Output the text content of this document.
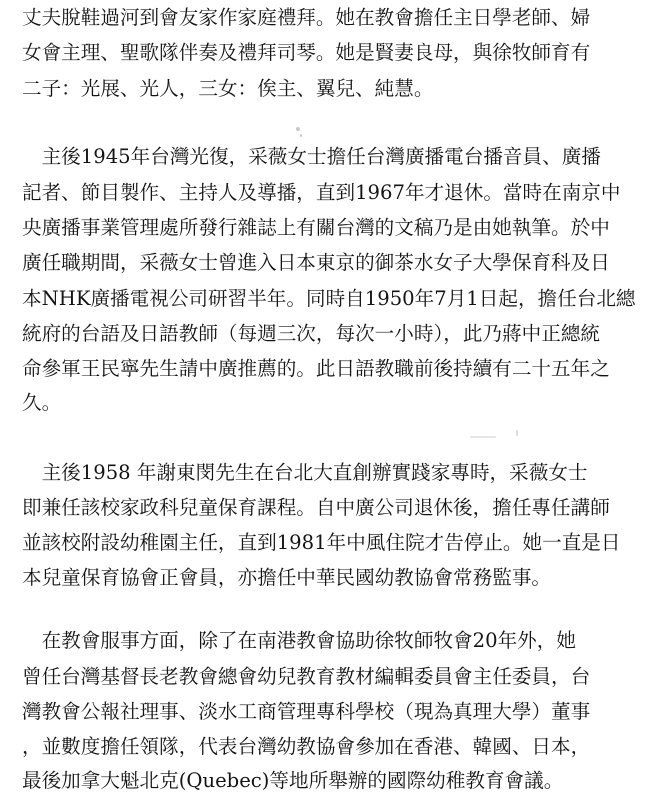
丈夫脫鞋過河到會友家作家庭禮拜。她在教會擔任主日學老師、婦
女會主理、聖歌隊伴奏及禮拜司琴。她是賢妻良母，與徐牧師育有
二子：光展、光人，三女：俟主、翼兒、純慧。
　主後1945年台灣光復，采薇女士擔任台灣廣播電台播音員、廣播
記者、節目製作、主持人及導播，直到1967年才退休。當時在南京中
央廣播事業管理處所發行雜誌上有關台灣的文稿乃是由她執筆。於中
廣任職期間，采薇女士曾進入日本東京的御茶水女子大學保育科及日
本NHK廣播電視公司研習半年。同時自1950年7月1日起，擔任台北總
統府的台語及日語教師（每週三次，每次一小時），此乃蔣中正總統
命參軍王民寧先生請中廣推薦的。此日語教職前後持續有二十五年之
久。
　主後1958 年謝東閔先生在台北大直創辦實踐家專時，采薇女士
即兼任該校家政科兒童保育課程。自中廣公司退休後，擔任專任講師
並該校附設幼稚園主任，直到1981年中風住院才告停止。她一直是日
本兒童保育協會正會員，亦擔任中華民國幼教協會常務監事。
　在教會服事方面，除了在南港教會協助徐牧師牧會20年外，她
曾任台灣基督長老教會總會幼兒教育教材編輯委員會主任委員，台
灣教會公報社理事、淡水工商管理專科學校（現為真理大學）董事
，並數度擔任領隊，代表台灣幼教協會參加在香港、韓國、日本，
最後加拿大魁北克(Quebec)等地所舉辦的國際幼稚教育會議。
